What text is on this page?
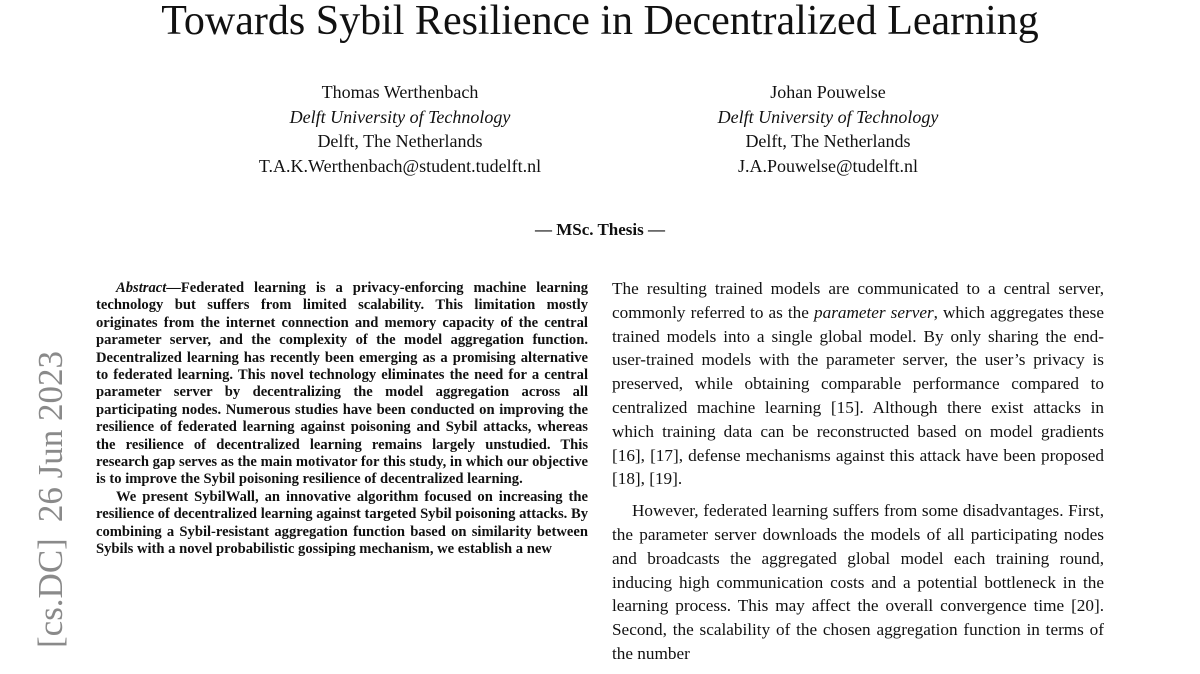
Towards Sybil Resilience in Decentralized Learning
Thomas Werthenbach
Delft University of Technology
Delft, The Netherlands
T.A.K.Werthenbach@student.tudelft.nl
Johan Pouwelse
Delft University of Technology
Delft, The Netherlands
J.A.Pouwelse@tudelft.nl
— MSc. Thesis —
[cs.DC]26 Jun 2023

Abstract—Federated learning is a privacy-enforcing machine learning technology but suffers from limited scalability. This limitation mostly originates from the internet connection and memory capacity of the central parameter server, and the complexity of the model aggregation function. Decentralized learning has recently been emerging as a promising alternative to federated learning. This novel technology eliminates the need for a central parameter server by decentralizing the model aggregation across all participating nodes. Numerous studies have been conducted on improving the resilience of federated learning against poisoning and Sybil attacks, whereas the resilience of decentralized learning remains largely unstudied. This research gap serves as the main motivator for this study, in which our objective is to improve the Sybil poisoning resilience of decentralized learning.

We present SybilWall, an innovative algorithm focused on increasing the resilience of decentralized learning against targeted Sybil poisoning attacks. By combining a Sybil-resistant aggregation function based on similarity between Sybils with a novel probabilistic gossiping mechanism, we establish a new

The resulting trained models are communicated to a central server, commonly referred to as the parameter server, which aggregates these trained models into a single global model. By only sharing the end-user-trained models with the parameter server, the user’s privacy is preserved, while obtaining comparable performance compared to centralized machine learning [15]. Although there exist attacks in which training data can be reconstructed based on model gradients [16], [17], defense mechanisms against this attack have been proposed [18], [19].

However, federated learning suffers from some disadvantages. First, the parameter server downloads the models of all participating nodes and broadcasts the aggregated global model each training round, inducing high communication costs and a potential bottleneck in the learning process. This may affect the overall convergence time [20]. Second, the scalability of the chosen aggregation function in terms of the number
